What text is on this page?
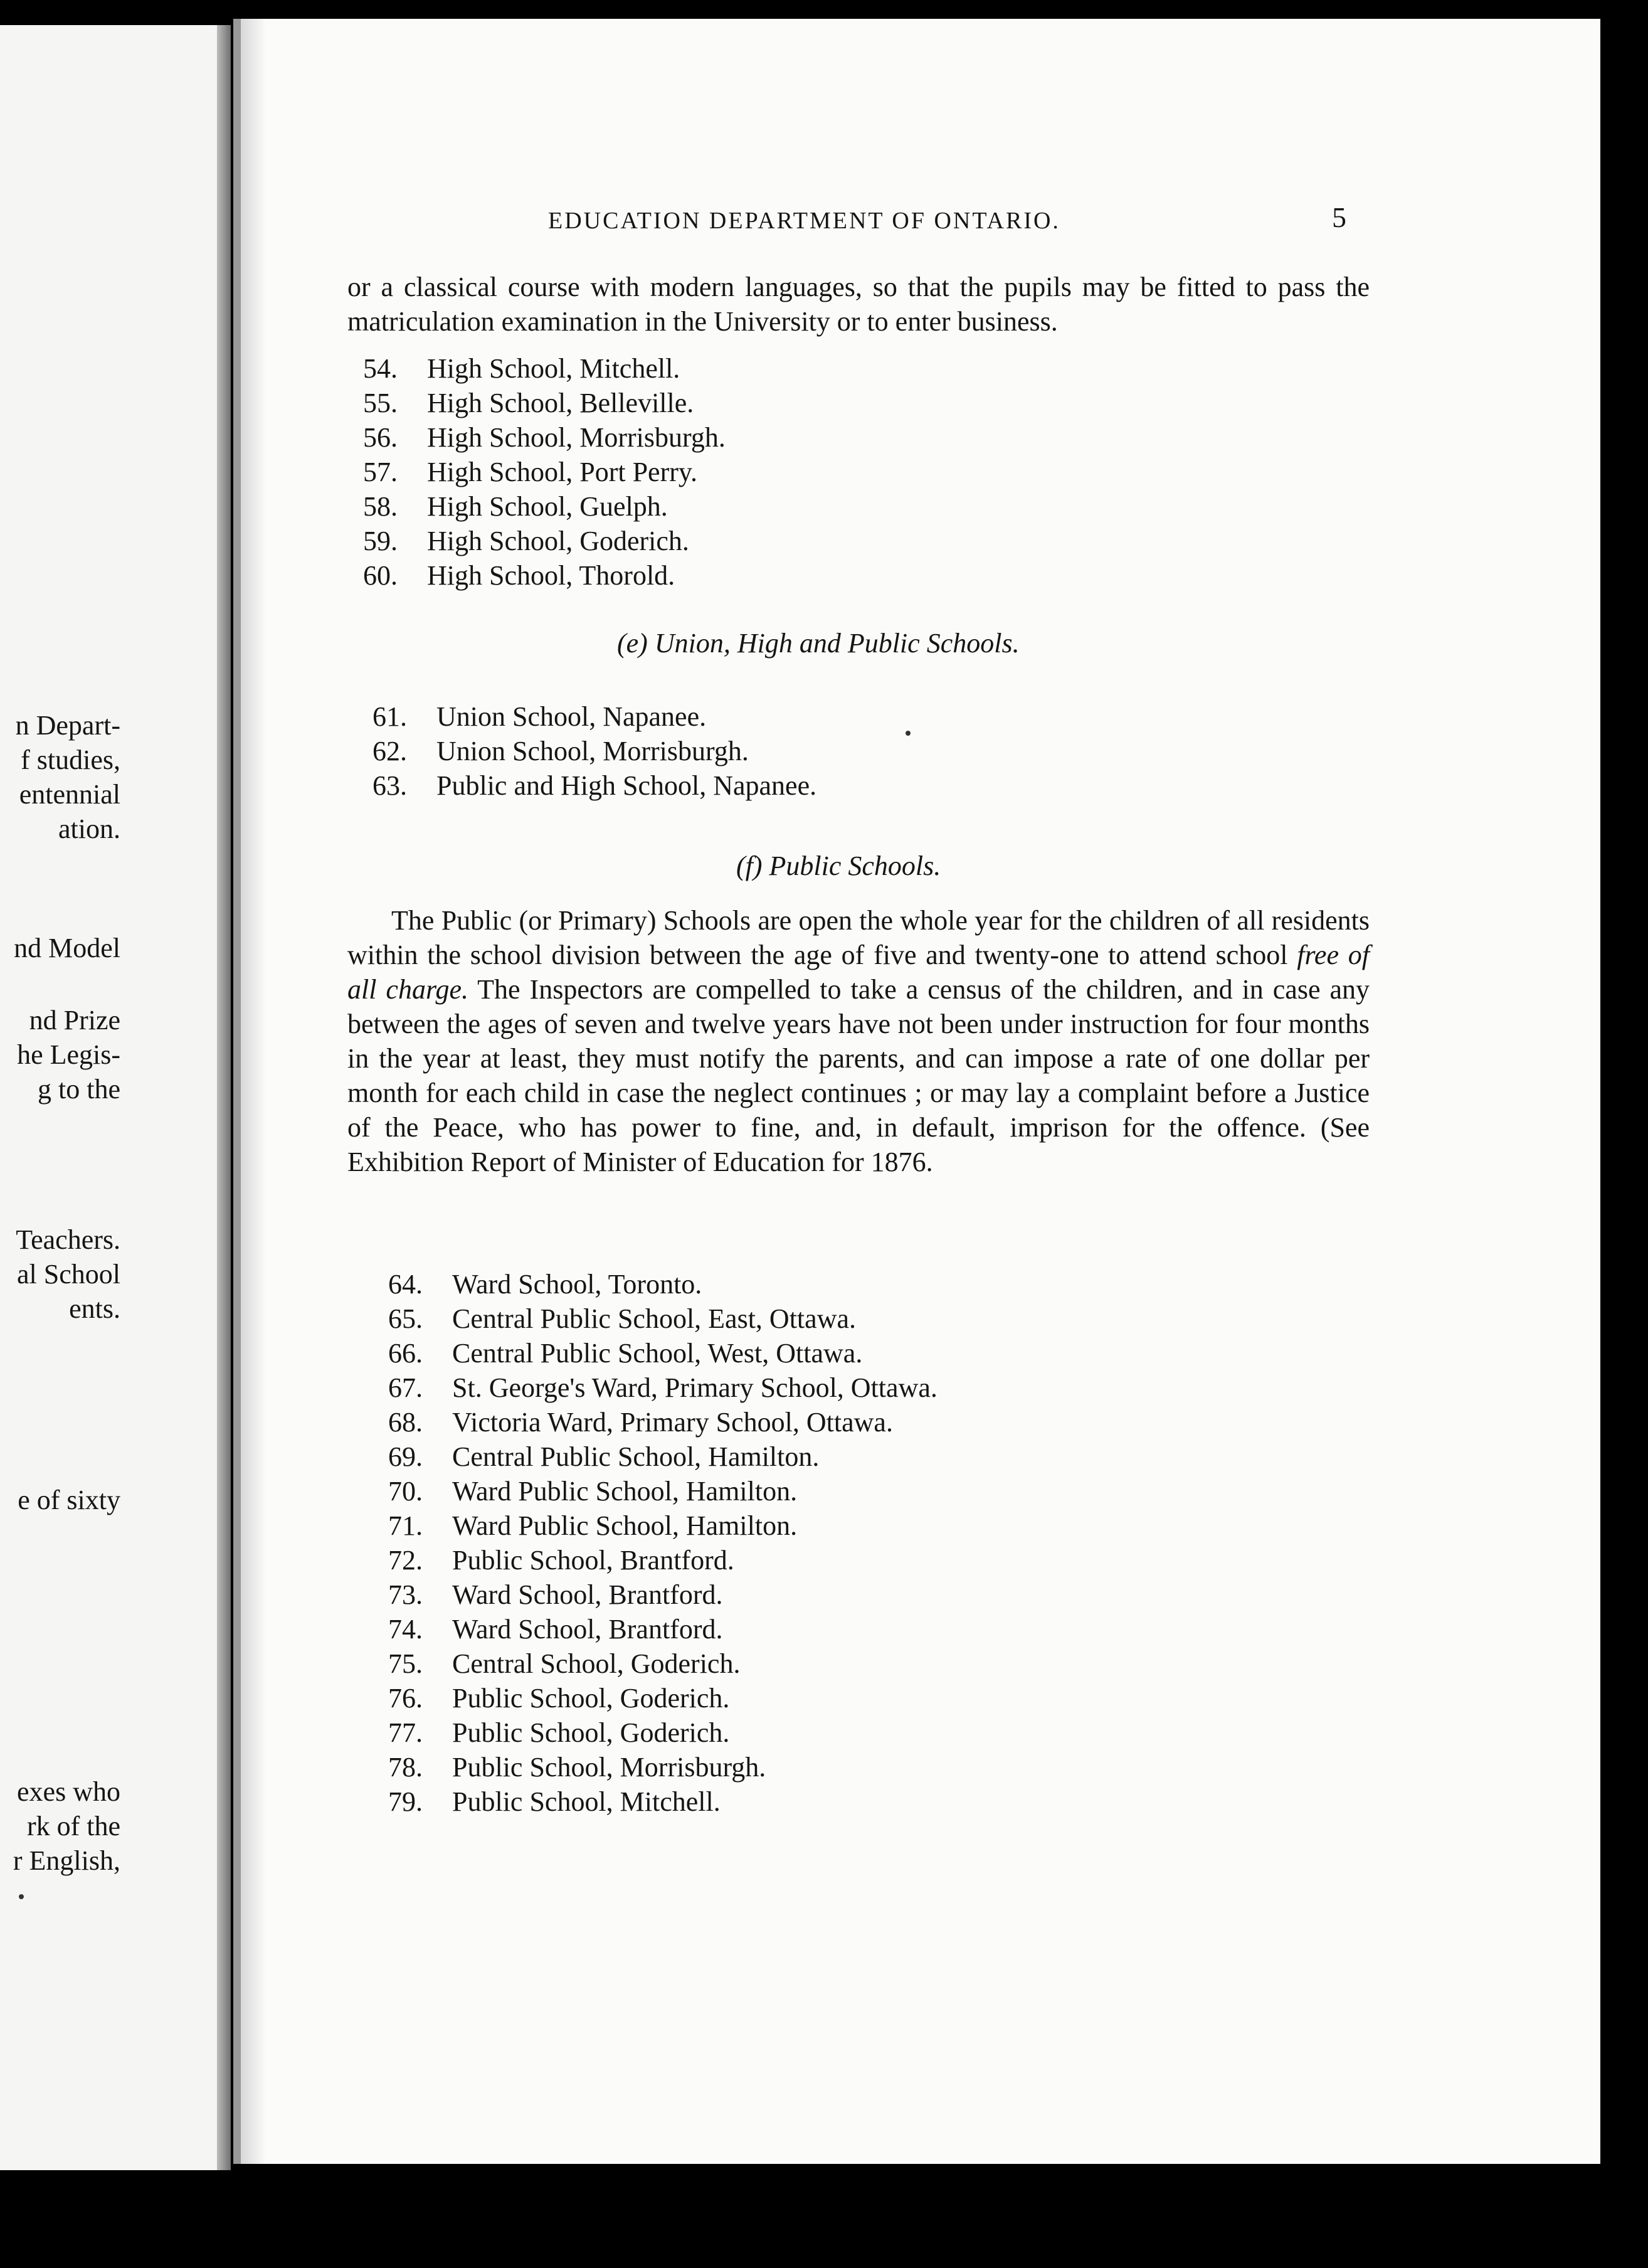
n Depart-
f studies,
entennial
ation.
nd Model
nd Prize
he Legis-
g to the
Teachers.
al School
ents.
e of sixty
exes who
rk of the
r English,
EDUCATION DEPARTMENT OF ONTARIO.	5

or a classical course with modern languages, so that the pupils may be fitted to pass the matriculation examination in the University or to enter business.

54. High School, Mitchell.
55. High School, Belleville.
56. High School, Morrisburgh.
57. High School, Port Perry.
58. High School, Guelph.
59. High School, Goderich.
60. High School, Thorold.
(e) Union, High and Public Schools.
61. Union School, Napanee.
62. Union School, Morrisburgh.
63. Public and High School, Napanee.
(f) Public Schools.

The Public (or Primary) Schools are open the whole year for the children of all residents within the school division between the age of five and twenty-one to attend school free of all charge. The Inspectors are compelled to take a census of the children, and in case any between the ages of seven and twelve years have not been under instruction for four months in the year at least, they must notify the parents, and can impose a rate of one dollar per month for each child in case the neglect continues ; or may lay a complaint before a Justice of the Peace, who has power to fine, and, in default, imprison for the offence. (See Exhibition Report of Minister of Education for 1876.

64. Ward School, Toronto.
65. Central Public School, East, Ottawa.
66. Central Public School, West, Ottawa.
67. St. George's Ward, Primary School, Ottawa.
68. Victoria Ward, Primary School, Ottawa.
69. Central Public School, Hamilton.
70. Ward Public School, Hamilton.
71. Ward Public School, Hamilton.
72. Public School, Brantford.
73. Ward School, Brantford.
74. Ward School, Brantford.
75. Central School, Goderich.
76. Public School, Goderich.
77. Public School, Goderich.
78. Public School, Morrisburgh.
79. Public School, Mitchell.
